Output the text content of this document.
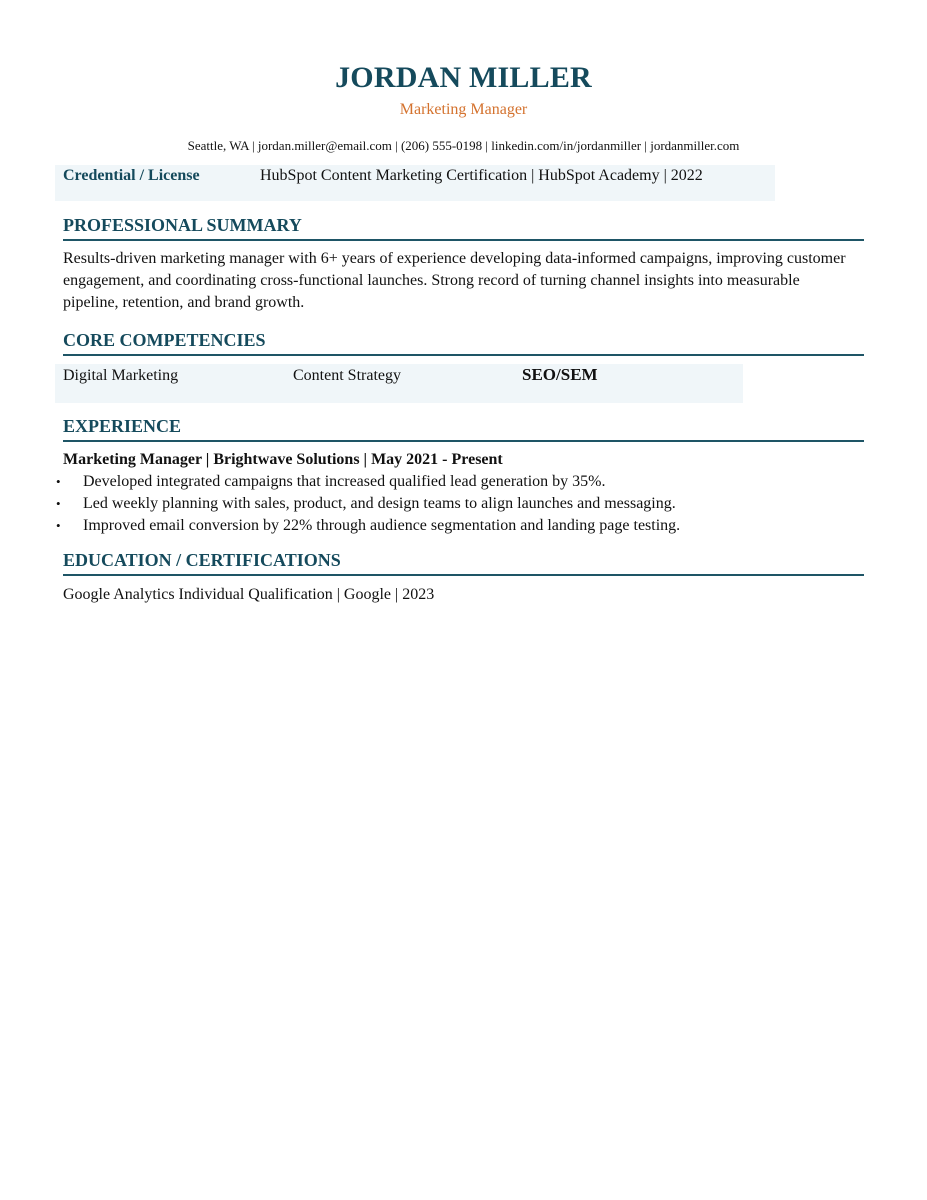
JORDAN MILLER
Marketing Manager
Seattle, WA | jordan.miller@email.com | (206) 555-0198 | linkedin.com/in/jordanmiller | jordanmiller.com
Credential / License	HubSpot Content Marketing Certification | HubSpot Academy | 2022
PROFESSIONAL SUMMARY
Results-driven marketing manager with 6+ years of experience developing data-informed campaigns, improving customer engagement, and coordinating cross-functional launches. Strong record of turning channel insights into measurable pipeline, retention, and brand growth.
CORE COMPETENCIES
Digital Marketing	Content Strategy	SEO/SEM
EXPERIENCE
Marketing Manager | Brightwave Solutions | May 2021 - Present
• Developed integrated campaigns that increased qualified lead generation by 35%.
• Led weekly planning with sales, product, and design teams to align launches and messaging.
• Improved email conversion by 22% through audience segmentation and landing page testing.
EDUCATION / CERTIFICATIONS
Google Analytics Individual Qualification | Google | 2023
